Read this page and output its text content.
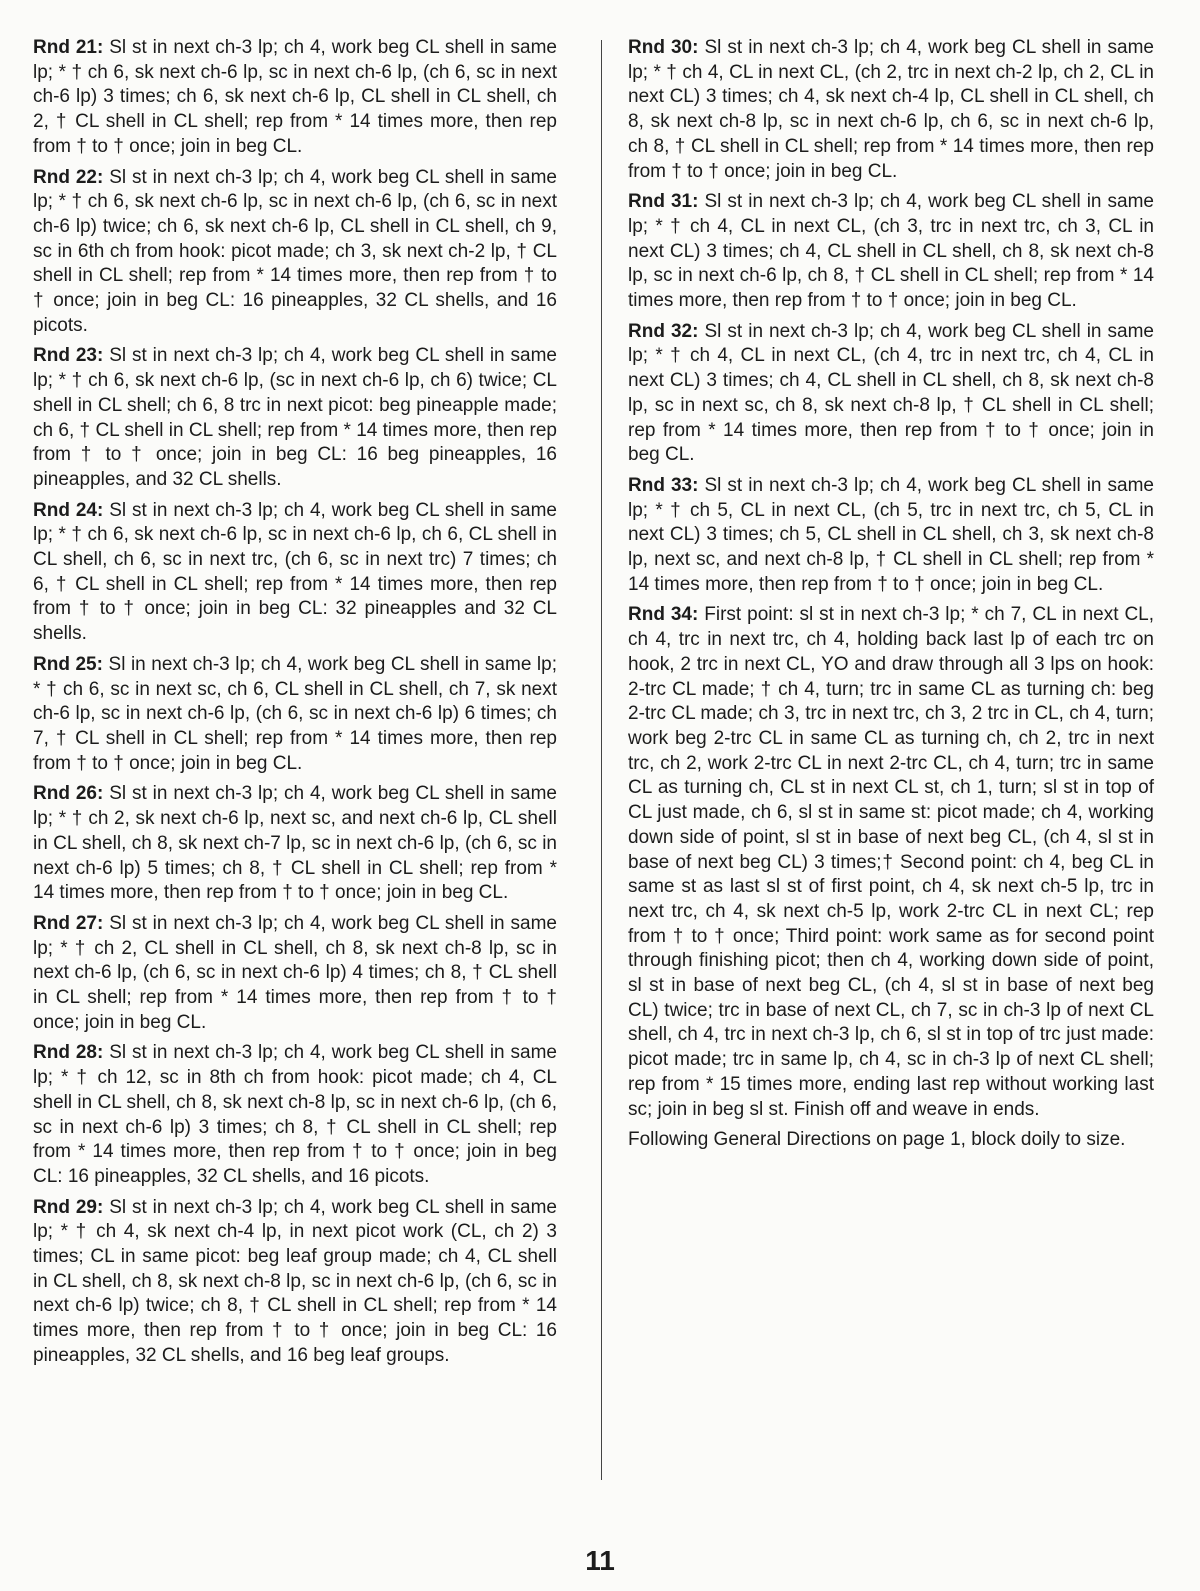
Rnd 21: Sl st in next ch-3 lp; ch 4, work beg CL shell in same lp; * † ch 6, sk next ch-6 lp, sc in next ch-6 lp, (ch 6, sc in next ch-6 lp) 3 times; ch 6, sk next ch-6 lp, CL shell in CL shell, ch 2, † CL shell in CL shell; rep from * 14 times more, then rep from † to † once; join in beg CL.

Rnd 22: Sl st in next ch-3 lp; ch 4, work beg CL shell in same lp; * † ch 6, sk next ch-6 lp, sc in next ch-6 lp, (ch 6, sc in next ch-6 lp) twice; ch 6, sk next ch-6 lp, CL shell in CL shell, ch 9, sc in 6th ch from hook: picot made; ch 3, sk next ch-2 lp, † CL shell in CL shell; rep from * 14 times more, then rep from † to † once; join in beg CL: 16 pineapples, 32 CL shells, and 16 picots.

Rnd 23: Sl st in next ch-3 lp; ch 4, work beg CL shell in same lp; * † ch 6, sk next ch-6 lp, (sc in next ch-6 lp, ch 6) twice; CL shell in CL shell; ch 6, 8 trc in next picot: beg pineapple made; ch 6, † CL shell in CL shell; rep from * 14 times more, then rep from † to † once; join in beg CL: 16 beg pineapples, 16 pineapples, and 32 CL shells.

Rnd 24: Sl st in next ch-3 lp; ch 4, work beg CL shell in same lp; * † ch 6, sk next ch-6 lp, sc in next ch-6 lp, ch 6, CL shell in CL shell, ch 6, sc in next trc, (ch 6, sc in next trc) 7 times; ch 6, † CL shell in CL shell; rep from * 14 times more, then rep from † to † once; join in beg CL: 32 pineapples and 32 CL shells.

Rnd 25: Sl in next ch-3 lp; ch 4, work beg CL shell in same lp; * † ch 6, sc in next sc, ch 6, CL shell in CL shell, ch 7, sk next ch-6 lp, sc in next ch-6 lp, (ch 6, sc in next ch-6 lp) 6 times; ch 7, † CL shell in CL shell; rep from * 14 times more, then rep from † to † once; join in beg CL.

Rnd 26: Sl st in next ch-3 lp; ch 4, work beg CL shell in same lp; * † ch 2, sk next ch-6 lp, next sc, and next ch-6 lp, CL shell in CL shell, ch 8, sk next ch-7 lp, sc in next ch-6 lp, (ch 6, sc in next ch-6 lp) 5 times; ch 8, † CL shell in CL shell; rep from * 14 times more, then rep from † to † once; join in beg CL.

Rnd 27: Sl st in next ch-3 lp; ch 4, work beg CL shell in same lp; * † ch 2, CL shell in CL shell, ch 8, sk next ch-8 lp, sc in next ch-6 lp, (ch 6, sc in next ch-6 lp) 4 times; ch 8, † CL shell in CL shell; rep from * 14 times more, then rep from † to † once; join in beg CL.

Rnd 28: Sl st in next ch-3 lp; ch 4, work beg CL shell in same lp; * † ch 12, sc in 8th ch from hook: picot made; ch 4, CL shell in CL shell, ch 8, sk next ch-8 lp, sc in next ch-6 lp, (ch 6, sc in next ch-6 lp) 3 times; ch 8, † CL shell in CL shell; rep from * 14 times more, then rep from † to † once; join in beg CL: 16 pineapples, 32 CL shells, and 16 picots.

Rnd 29: Sl st in next ch-3 lp; ch 4, work beg CL shell in same lp; * † ch 4, sk next ch-4 lp, in next picot work (CL, ch 2) 3 times; CL in same picot: beg leaf group made; ch 4, CL shell in CL shell, ch 8, sk next ch-8 lp, sc in next ch-6 lp, (ch 6, sc in next ch-6 lp) twice; ch 8, † CL shell in CL shell; rep from * 14 times more, then rep from † to † once; join in beg CL: 16 pineapples, 32 CL shells, and 16 beg leaf groups.

Rnd 30: Sl st in next ch-3 lp; ch 4, work beg CL shell in same lp; * † ch 4, CL in next CL, (ch 2, trc in next ch-2 lp, ch 2, CL in next CL) 3 times; ch 4, sk next ch-4 lp, CL shell in CL shell, ch 8, sk next ch-8 lp, sc in next ch-6 lp, ch 6, sc in next ch-6 lp, ch 8, † CL shell in CL shell; rep from * 14 times more, then rep from † to † once; join in beg CL.

Rnd 31: Sl st in next ch-3 lp; ch 4, work beg CL shell in same lp; * † ch 4, CL in next CL, (ch 3, trc in next trc, ch 3, CL in next CL) 3 times; ch 4, CL shell in CL shell, ch 8, sk next ch-8 lp, sc in next ch-6 lp, ch 8, † CL shell in CL shell; rep from * 14 times more, then rep from † to † once; join in beg CL.

Rnd 32: Sl st in next ch-3 lp; ch 4, work beg CL shell in same lp; * † ch 4, CL in next CL, (ch 4, trc in next trc, ch 4, CL in next CL) 3 times; ch 4, CL shell in CL shell, ch 8, sk next ch-8 lp, sc in next sc, ch 8, sk next ch-8 lp, † CL shell in CL shell; rep from * 14 times more, then rep from † to † once; join in beg CL.

Rnd 33: Sl st in next ch-3 lp; ch 4, work beg CL shell in same lp; * † ch 5, CL in next CL, (ch 5, trc in next trc, ch 5, CL in next CL) 3 times; ch 5, CL shell in CL shell, ch 3, sk next ch-8 lp, next sc, and next ch-8 lp, † CL shell in CL shell; rep from * 14 times more, then rep from † to † once; join in beg CL.

Rnd 34: First point: sl st in next ch-3 lp; * ch 7, CL in next CL, ch 4, trc in next trc, ch 4, holding back last lp of each trc on hook, 2 trc in next CL, YO and draw through all 3 lps on hook: 2-trc CL made; † ch 4, turn; trc in same CL as turning ch: beg 2-trc CL made; ch 3, trc in next trc, ch 3, 2 trc in CL, ch 4, turn; work beg 2-trc CL in same CL as turning ch, ch 2, trc in next trc, ch 2, work 2-trc CL in next 2-trc CL, ch 4, turn; trc in same CL as turning ch, CL st in next CL st, ch 1, turn; sl st in top of CL just made, ch 6, sl st in same st: picot made; ch 4, working down side of point, sl st in base of next beg CL, (ch 4, sl st in base of next beg CL) 3 times;† Second point: ch 4, beg CL in same st as last sl st of first point, ch 4, sk next ch-5 lp, trc in next trc, ch 4, sk next ch-5 lp, work 2-trc CL in next CL; rep from † to † once; Third point: work same as for second point through finishing picot; then ch 4, working down side of point, sl st in base of next beg CL, (ch 4, sl st in base of next beg CL) twice; trc in base of next CL, ch 7, sc in ch-3 lp of next CL shell, ch 4, trc in next ch-3 lp, ch 6, sl st in top of trc just made: picot made; trc in same lp, ch 4, sc in ch-3 lp of next CL shell; rep from * 15 times more, ending last rep without working last sc; join in beg sl st. Finish off and weave in ends.

Following General Directions on page 1, block doily to size.

11
